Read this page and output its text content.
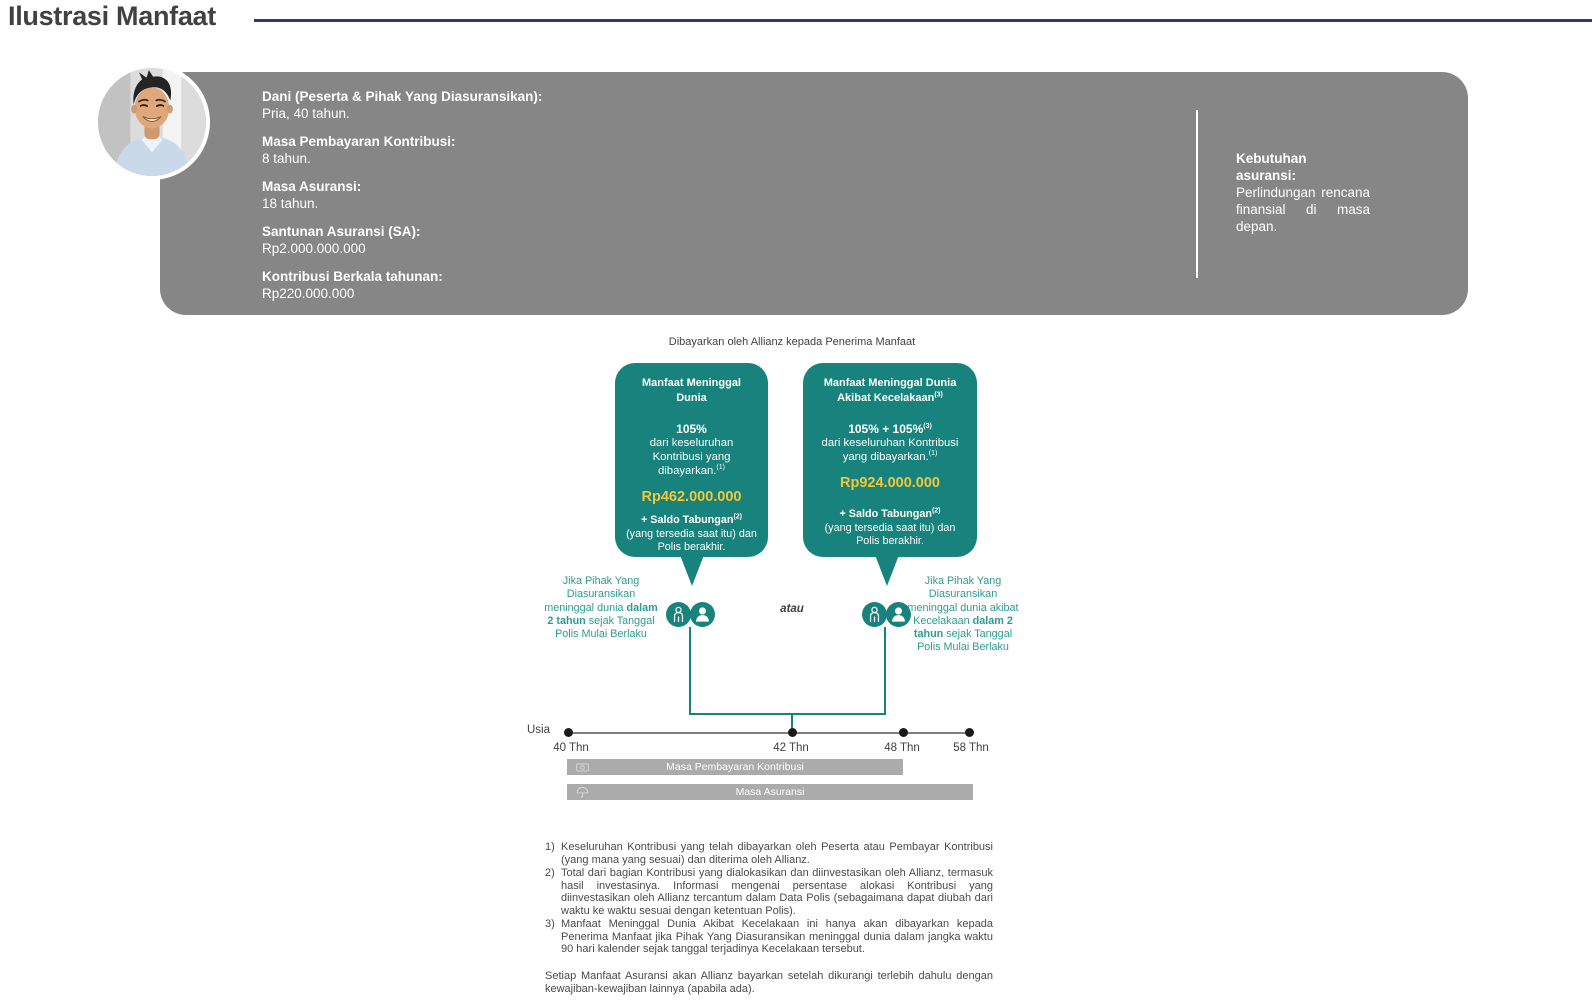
Ilustrasi Manfaat
Dani (Peserta & Pihak Yang Diasuransikan):
Pria, 40 tahun.
Masa Pembayaran Kontribusi:
8 tahun.
Masa Asuransi:
18 tahun.
Santunan Asuransi (SA):
Rp2.000.000.000
Kontribusi Berkala tahunan:
Rp220.000.000
Kebutuhan asuransi:
Perlindungan rencana finansial di masa depan.
Dibayarkan oleh Allianz kepada Penerima Manfaat
Manfaat Meninggal Dunia
105%
dari keseluruhan Kontribusi yang dibayarkan.$^{(1)}$
Rp462.000.000
+ Saldo Tabungan$^{(2)}$
(yang tersedia saat itu) dan Polis berakhir.
Manfaat Meninggal Dunia Akibat Kecelakaan$^{(3)}$
105% + 105%$^{(3)}$
dari keseluruhan Kontribusi yang dibayarkan.$^{(1)}$
Rp924.000.000
+ Saldo Tabungan$^{(2)}$
(yang tersedia saat itu) dan Polis berakhir.
atau
Jika Pihak Yang Diasuransikan meninggal dunia dalam 2 tahun sejak Tanggal Polis Mulai Berlaku
Jika Pihak Yang Diasuransikan meninggal dunia akibat Kecelakaan dalam 2 tahun sejak Tanggal Polis Mulai Berlaku
Usia
40 Thn	42 Thn	48 Thn	58 Thn
Masa Pembayaran Kontribusi
Masa Asuransi
1) Keseluruhan Kontribusi yang telah dibayarkan oleh Peserta atau Pembayar Kontribusi (yang mana yang sesuai) dan diterima oleh Allianz.
2) Total dari bagian Kontribusi yang dialokasikan dan diinvestasikan oleh Allianz, termasuk hasil investasinya. Informasi mengenai persentase alokasi Kontribusi yang diinvestasikan oleh Allianz tercantum dalam Data Polis (sebagaimana dapat diubah dari waktu ke waktu sesuai dengan ketentuan Polis).
3) Manfaat Meninggal Dunia Akibat Kecelakaan ini hanya akan dibayarkan kepada Penerima Manfaat jika Pihak Yang Diasuransikan meninggal dunia dalam jangka waktu 90 hari kalender sejak tanggal terjadinya Kecelakaan tersebut.

Setiap Manfaat Asuransi akan Allianz bayarkan setelah dikurangi terlebih dahulu dengan kewajiban-kewajiban lainnya (apabila ada).
